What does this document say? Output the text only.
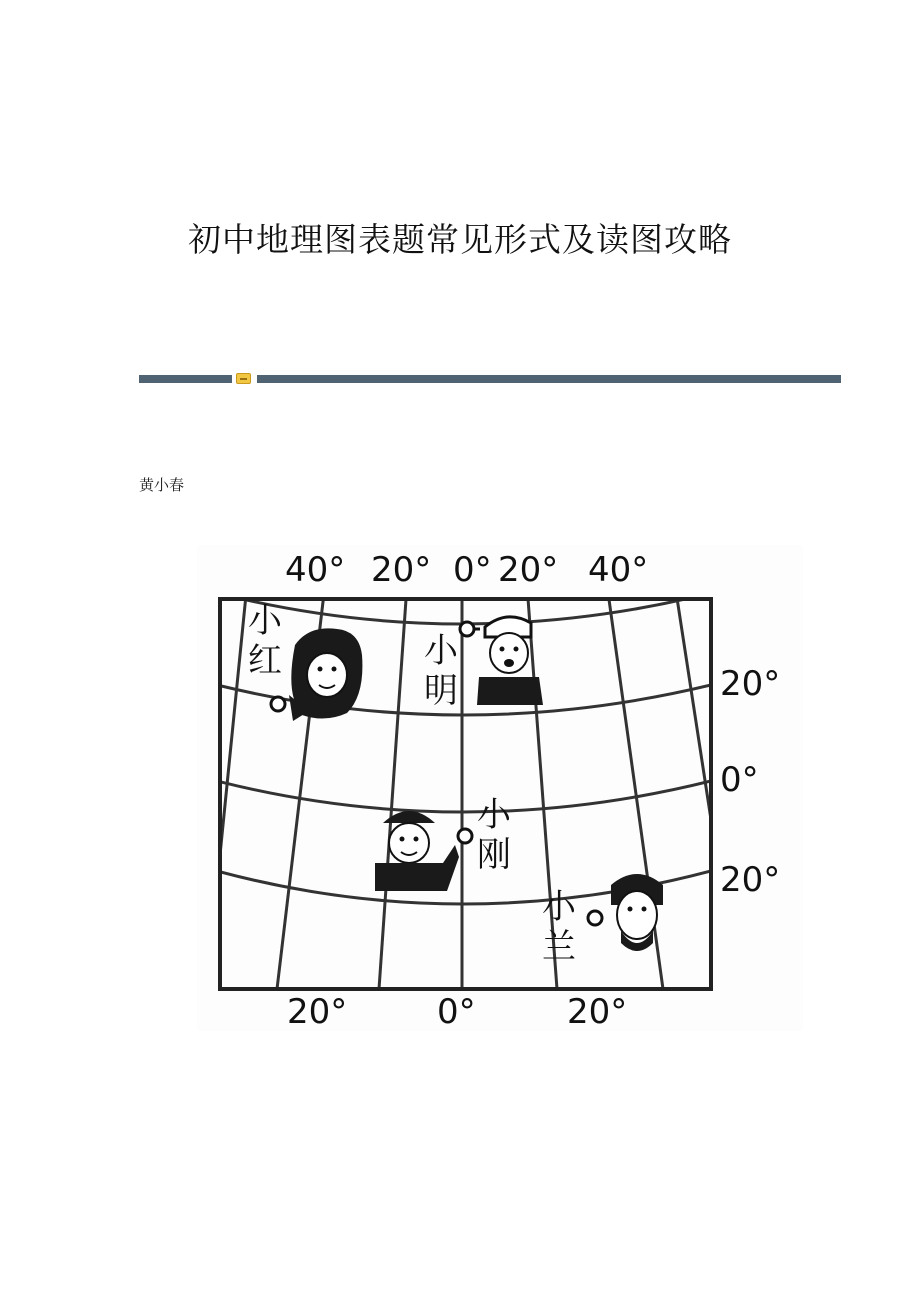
初中地理图表题常见形式及读图攻略
黄小春
40° 20° 0° 20° 40°
20°
0°
20°
20°	0°	20°
小
红	小
明
小
刚
小
兰
